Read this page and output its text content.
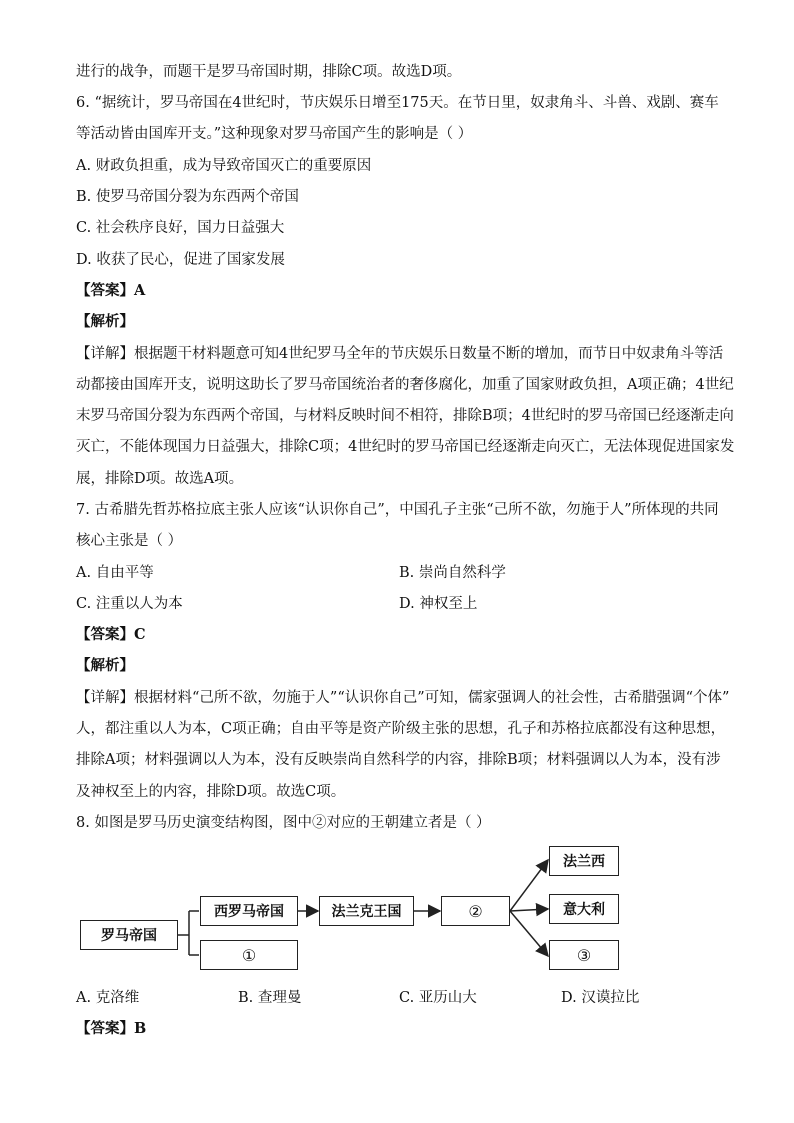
进行的战争，而题干是罗马帝国时期，排除C项。故选D项。
6. “据统计，罗马帝国在4世纪时，节庆娱乐日增至175天。在节日里，奴隶角斗、斗兽、戏剧、赛车
等活动皆由国库开支。”这种现象对罗马帝国产生的影响是（ ）
A. 财政负担重，成为导致帝国灭亡的重要原因
B. 使罗马帝国分裂为东西两个帝国
C. 社会秩序良好，国力日益强大
D. 收获了民心，促进了国家发展
【答案】A
【解析】
【详解】根据题干材料题意可知4世纪罗马全年的节庆娱乐日数量不断的增加，而节日中奴隶角斗等活
动都接由国库开支，说明这助长了罗马帝国统治者的奢侈腐化，加重了国家财政负担，A项正确；4世纪
末罗马帝国分裂为东西两个帝国，与材料反映时间不相符，排除B项；4世纪时的罗马帝国已经逐渐走向
灭亡，不能体现国力日益强大，排除C项；4世纪时的罗马帝国已经逐渐走向灭亡，无法体现促进国家发
展，排除D项。故选A项。
7. 古希腊先哲苏格拉底主张人应该“认识你自己”，中国孔子主张“己所不欲，勿施于人”所体现的共同
核心主张是（ ）
A. 自由平等	B. 崇尚自然科学
C. 注重以人为本	D. 神权至上
【答案】C
【解析】
【详解】根据材料“己所不欲，勿施于人”“认识你自己”可知，儒家强调人的社会性，古希腊强调“个体”
人，都注重以人为本，C项正确；自由平等是资产阶级主张的思想，孔子和苏格拉底都没有这种思想，
排除A项；材料强调以人为本，没有反映崇尚自然科学的内容，排除B项；材料强调以人为本，没有涉
及神权至上的内容，排除D项。故选C项。
8. 如图是罗马历史演变结构图，图中②对应的王朝建立者是（ ）
罗马帝国
西罗马帝国
①
法兰克王国	②
法兰西
意大利
③
A. 克洛维	B. 查理曼	C. 亚历山大	D. 汉谟拉比
【答案】B
